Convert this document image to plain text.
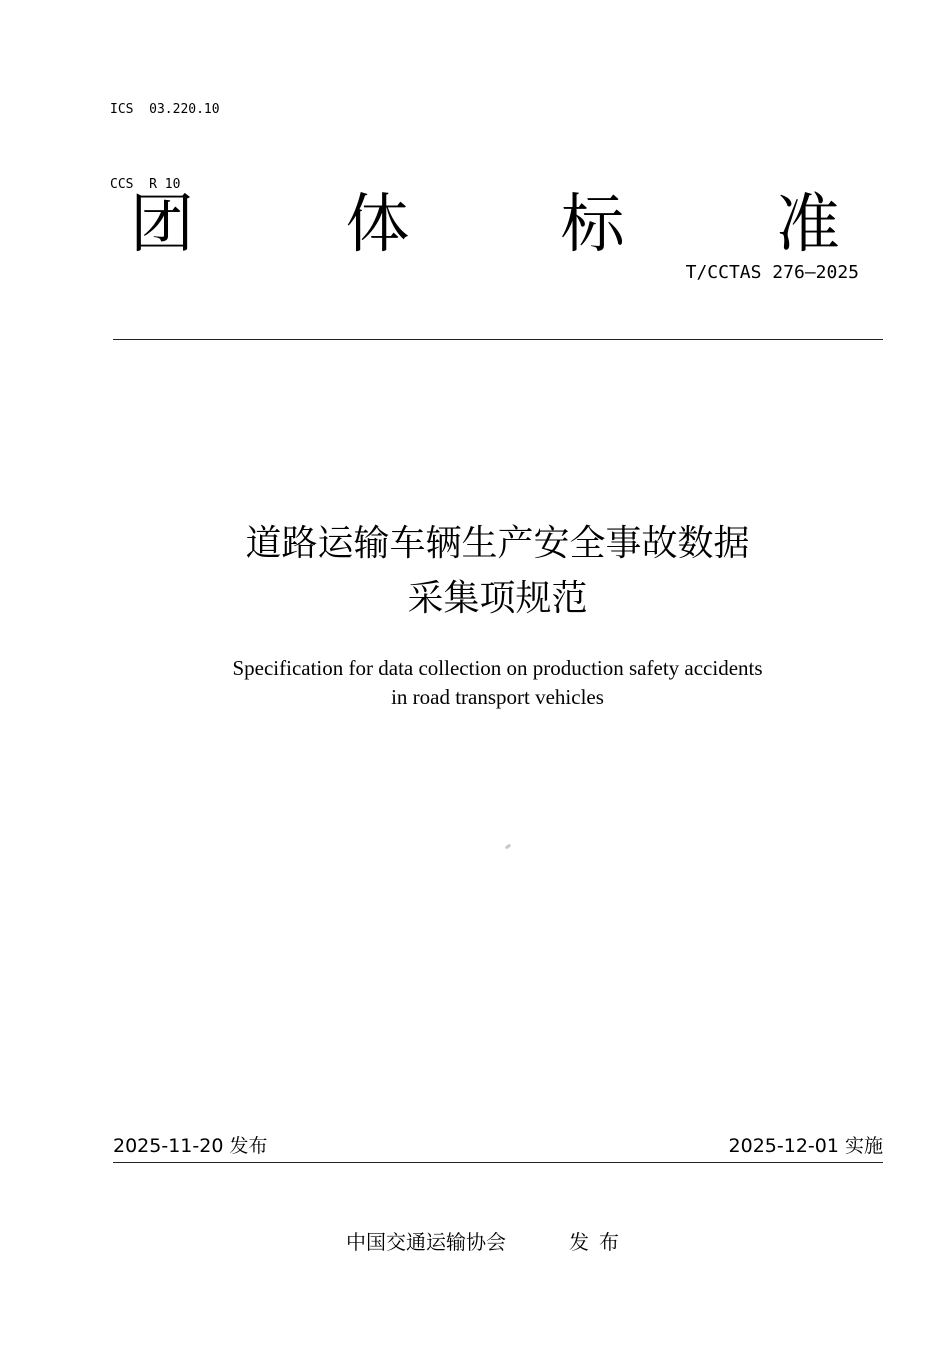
ICS  03.220.10

CCS  R 10

团 体 标 准
T/CCTAS 276—2025
道路运输车辆生产安全事故数据
采集项规范
Specification for data collection on production safety accidents
in road transport vehicles
2025-11-20 发布	2025-12-01 实施
中国交通运输协会	发布
